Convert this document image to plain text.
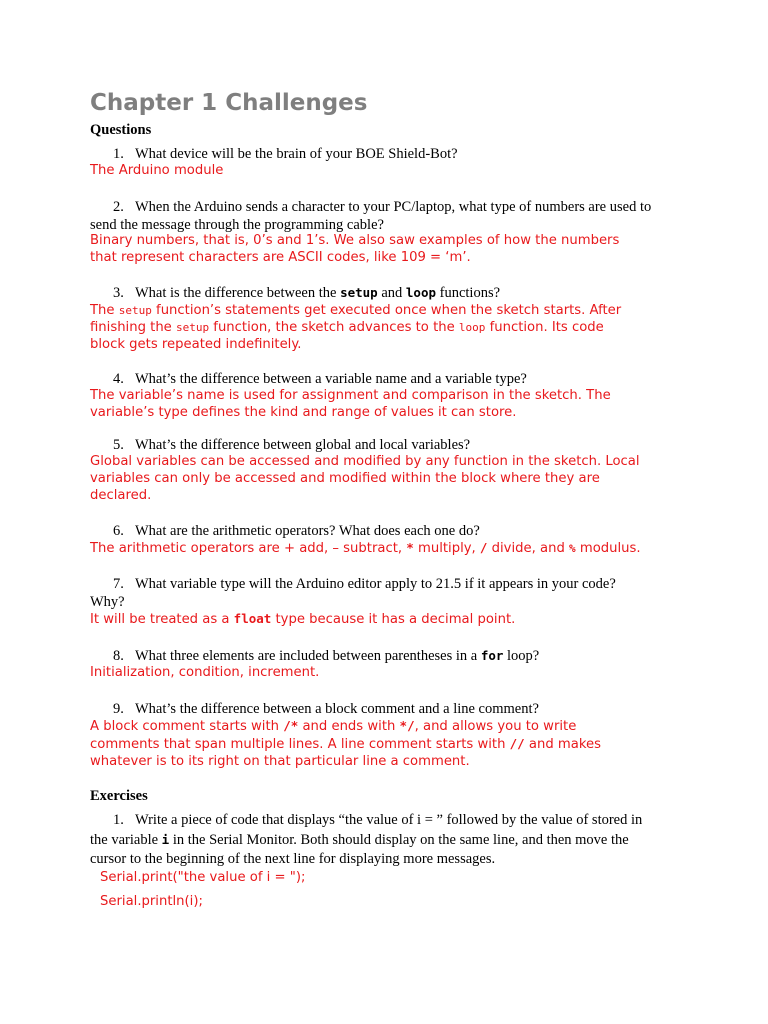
Chapter 1 Challenges
Questions
1. What device will be the brain of your BOE Shield-Bot?
The Arduino module
2. When the Arduino sends a character to your PC/laptop, what type of numbers are used to
send the message through the programming cable?
Binary numbers, that is, 0’s and 1’s. We also saw examples of how the numbers
that represent characters are ASCII codes, like 109 = ‘m’.
3. What is the difference between the setup and loop functions?
The setup function’s statements get executed once when the sketch starts. After
finishing the setup function, the sketch advances to the loop function. Its code
block gets repeated indefinitely.
4. What’s the difference between a variable name and a variable type?
The variable’s name is used for assignment and comparison in the sketch. The
variable’s type defines the kind and range of values it can store.
5. What’s the difference between global and local variables?
Global variables can be accessed and modified by any function in the sketch. Local
variables can only be accessed and modified within the block where they are
declared.
6. What are the arithmetic operators? What does each one do?
The arithmetic operators are + add, – subtract, * multiply, / divide, and % modulus.
7. What variable type will the Arduino editor apply to 21.5 if it appears in your code?
Why?
It will be treated as a float type because it has a decimal point.
8. What three elements are included between parentheses in a for loop?
Initialization, condition, increment.
9. What’s the difference between a block comment and a line comment?
A block comment starts with /* and ends with */, and allows you to write
comments that span multiple lines. A line comment starts with // and makes
whatever is to its right on that particular line a comment.
Exercises
1. Write a piece of code that displays “the value of i = ” followed by the value of stored in
the variable i in the Serial Monitor. Both should display on the same line, and then move the
cursor to the beginning of the next line for displaying more messages.
Serial.print("the value of i = ");
Serial.println(i);
